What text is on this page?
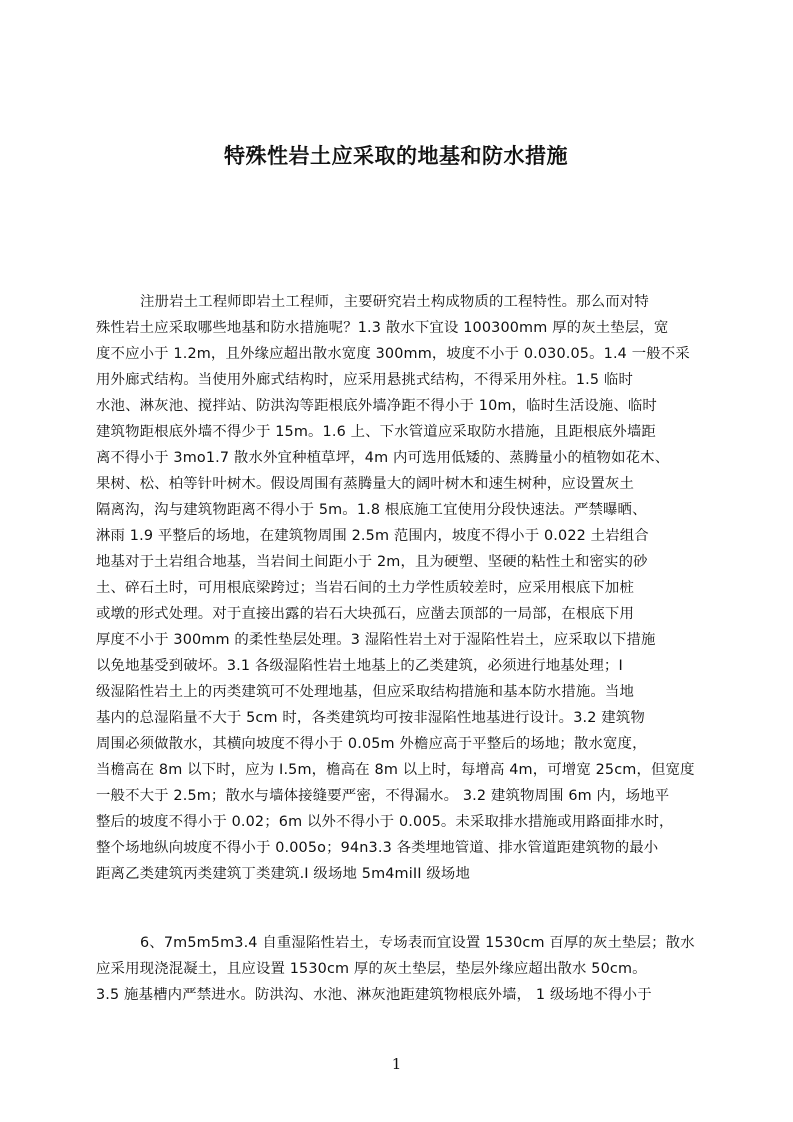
特殊性岩土应采取的地基和防水措施
注册岩土工程师即岩土工程师，主要研究岩土构成物质的工程特性。那么而对特
殊性岩土应采取哪些地基和防水措施呢？1.3 散水下宜设 100300mm 厚的灰土垫层，宽
度不应小于 1.2m，且外缘应超出散水宽度 300mm，坡度不小于 0.030.05。1.4 一般不采
用外廊式结构。当使用外廊式结构时，应采用悬挑式结构，不得采用外柱。1.5 临时
水池、淋灰池、搅拌站、防洪沟等距根底外墙净距不得小于 10m，临时生活设施、临时
建筑物距根底外墙不得少于 15m。1.6 上、下水管道应采取防水措施，且距根底外墙距
离不得小于 3mo1.7 散水外宜种植草坪，4m 内可选用低矮的、蒸腾量小的植物如花木、
果树、松、柏等针叶树木。假设周围有蒸腾量大的阔叶树木和速生树种，应设置灰土
隔离沟，沟与建筑物距离不得小于 5m。1.8 根底施工宜使用分段快速法。严禁曝晒、
淋雨 1.9 平整后的场地，在建筑物周围 2.5m 范围内，坡度不得小于 0.022 土岩组合
地基对于土岩组合地基，当岩间土间距小于 2m，且为硬塑、坚硬的粘性土和密实的砂
土、碎石土时，可用根底梁跨过；当岩石间的土力学性质较差时，应采用根底下加桩
或墩的形式处理。对于直接出露的岩石大块孤石，应凿去顶部的一局部，在根底下用
厚度不小于 300mm 的柔性垫层处理。3 湿陷性岩土对于湿陷性岩土，应采取以下措施
以免地基受到破坏。3.1 各级湿陷性岩土地基上的乙类建筑，必须进行地基处理；I
级湿陷性岩土上的丙类建筑可不处理地基，但应采取结构措施和基本防水措施。当地
基内的总湿陷量不大于 5cm 时，各类建筑均可按非湿陷性地基进行设计。3.2 建筑物
周围必须做散水，其横向坡度不得小于 0.05m 外檐应高于平整后的场地；散水宽度，
当檐高在 8m 以下时，应为 I.5m，檐高在 8m 以上时，每增高 4m，可增宽 25cm，但宽度
一般不大于 2.5m；散水与墙体接缝要严密，不得漏水。 3.2 建筑物周围 6m 内，场地平
整后的坡度不得小于 0.02；6m 以外不得小于 0.005。未采取排水措施或用路面排水时，
整个场地纵向坡度不得小于 0.005o；94n3.3 各类埋地管道、排水管道距建筑物的最小
距离乙类建筑丙类建筑丁类建筑.I 级场地 5m4miII 级场地
6、7m5m5m3.4 自重湿陷性岩土，专场表而宜设置 1530cm 百厚的灰土垫层；散水
应采用现浇混凝土，且应设置 1530cm 厚的灰土垫层，垫层外缘应超出散水 50cm。
3.5 施基槽内严禁进水。防洪沟、水池、淋灰池距建筑物根底外墙， 1 级场地不得小于
1
